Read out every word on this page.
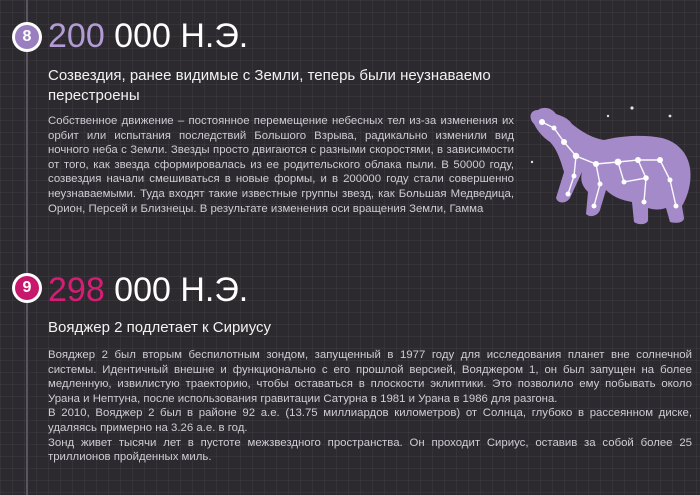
8 200 000 Н.Э.
Созвездия, ранее видимые с Земли, теперь были неузнаваемо перестроены

Собственное движение – постоянное перемещение небесных тел из-за изменения их орбит или испытания последствий Большого Взрыва, радикально изменили вид ночного неба с Земли. Звезды просто двигаются с разными скоростями, в зависимости от того, как звезда сформировалась из ее родительского облака пыли. В 50000 году, созвездия начали смешиваться в новые формы, и в 200000 году стали совершенно неузнаваемыми. Туда входят такие известные группы звезд, как Большая Медведица, Орион, Персей и Близнецы. В результате изменения оси вращения Земли, Гамма

9 298 000 Н.Э.
Вояджер 2 подлетает к Сириусу

Вояджер 2 был вторым беспилотным зондом, запущенный в 1977 году для исследования планет вне солнечной системы. Идентичный внешне и функционально с его прошлой версией, Вояджером 1, он был запущен на более медленную, извилистую траекторию, чтобы оставаться в плоскости эклиптики. Это позволило ему побывать около Урана и Нептуна, после использования гравитации Сатурна в 1981 и Урана в 1986 для разгона.

В 2010, Вояджер 2 был в районе 92 а.е. (13.75 миллиардов километров) от Солнца, глубоко в рассеянном диске, удаляясь примерно на 3.26 а.е. в год.

Зонд живет тысячи лет в пустоте межзвездного пространства. Он проходит Сириус, оставив за собой более 25 триллионов пройденных миль.
